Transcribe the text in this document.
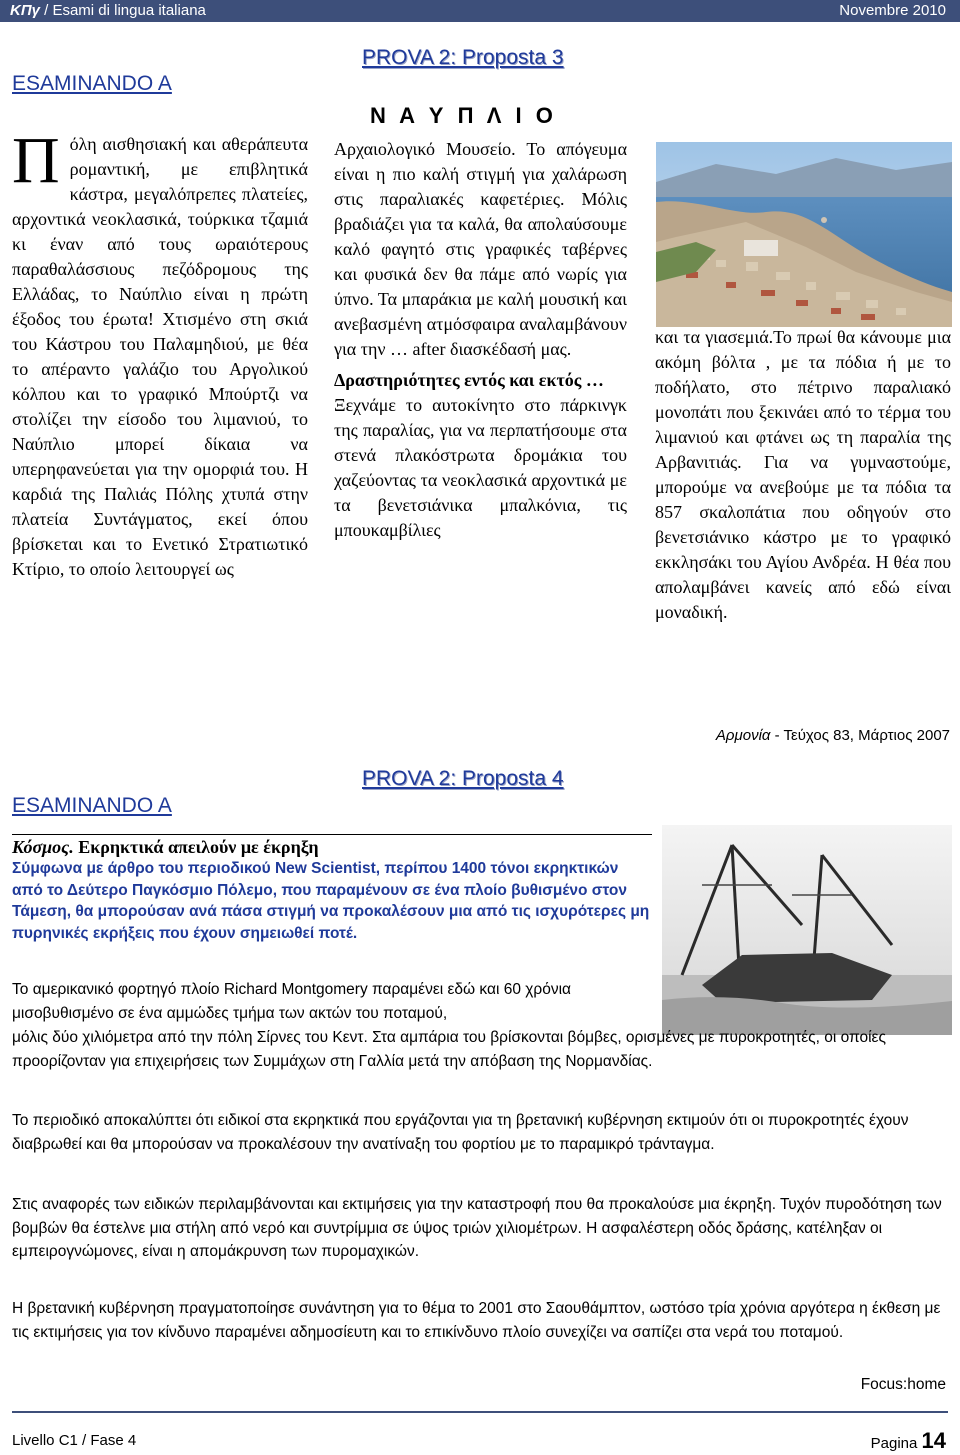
ΚΠγ / Esami di lingua italiana	Novembre 2010
ESAMINANDO A
PROVA 2: Proposta 3
Ν Α Υ Π Λ Ι Ο
Πόλη αισθησιακή και αθεράπευτα ρομαντική, με επιβλητικά κάστρα, μεγαλόπρεπες πλατείες, αρχοντικά νεοκλασικά, τούρκικα τζαμιά κι έναν από τους ωραιότερους παραθαλάσσιους πεζόδρομους της Ελλάδας, το Ναύπλιο είναι η πρώτη έξοδος του έρωτα! Χτισμένο στη σκιά του Κάστρου του Παλαμηδιού, με θέα το απέραντο γαλάζιο του Αργολικού κόλπου και το γραφικό Μπούρτζι να στολίζει την είσοδο του λιμανιού, το Ναύπλιο μπορεί δίκαια να υπερηφανεύεται για την ομορφιά του. Η καρδιά της Παλιάς Πόλης χτυπά στην πλατεία Συντάγματος, εκεί όπου βρίσκεται και το Ενετικό Στρατιωτικό Κτίριο, το οποίο λειτουργεί ως

Αρχαιολογικό Μουσείο. Το απόγευμα είναι η πιο καλή στιγμή για χαλάρωση στις παραλιακές καφετέριες. Μόλις βραδιάζει για τα καλά, θα απολαύσουμε καλό φαγητό στις γραφικές ταβέρνες και φυσικά δεν θα πάμε από νωρίς για ύπνο. Τα μπαράκια με καλή μουσική και ανεβασμένη ατμόσφαιρα αναλαμβάνουν για την … after διασκέδασή μας.

Δραστηριότητες εντός και εκτός …

Ξεχνάμε το αυτοκίνητο στο πάρκινγκ της παραλίας, για να περπατήσουμε στα στενά πλακόστρωτα δρομάκια του χαζεύοντας τα νεοκλασικά αρχοντικά με τα βενετσιάνικα μπαλκόνια, τις μπουκαμβίλιες

και τα γιασεμιά.Το πρωί θα κάνουμε μια ακόμη βόλτα , με τα πόδια ή με το ποδήλατο, στο πέτρινο παραλιακό μονοπάτι που ξεκινάει από το τέρμα του λιμανιού και φτάνει ως τη παραλία της Αρβανιτιάς. Για να γυμναστούμε, μπορούμε να ανεβούμε με τα πόδια τα 857 σκαλοπάτια που οδηγούν στο βενετσιάνικο κάστρο με το γραφικό εκκλησάκι του Αγίου Ανδρέα. Η θέα που απολαμβάνει κανείς από εδώ είναι μοναδική.

Αρμονία - Τεύχος 83, Μάρτιος 2007
PROVA 2: Proposta 4
ESAMINANDO A
Κόσμος. Εκρηκτικά απειλούν με έκρηξη
Σύμφωνα με άρθρο του περιοδικού New Scientist, περίπου 1400 τόνοι εκρηκτικών από το Δεύτερο Παγκόσμιο Πόλεμο, που παραμένουν σε ένα πλοίο βυθισμένο στον Τάμεση, θα μπορούσαν ανά πάσα στιγμή να προκαλέσουν μια από τις ισχυρότερες μη πυρηνικές εκρήξεις που έχουν σημειωθεί ποτέ.
Το αμερικανικό φορτηγό πλοίο Richard Montgomery παραμένει εδώ και 60 χρόνια μισοβυθισμένο σε ένα αμμώδες τμήμα των ακτών του ποταμού,
μόλις δύο χιλιόμετρα από την πόλη Σίρνες του Κεντ. Στα αμπάρια του βρίσκονται βόμβες, ορισμένες με πυροκροτητές, οι οποίες προορίζονταν για επιχειρήσεις των Συμμάχων στη Γαλλία μετά την απόβαση της Νορμανδίας.
Το περιοδικό αποκαλύπτει ότι ειδικοί στα εκρηκτικά που εργάζονται για τη βρετανική κυβέρνηση εκτιμούν ότι οι πυροκροτητές έχουν διαβρωθεί και θα μπορούσαν να προκαλέσουν την ανατίναξη του φορτίου με το παραμικρό τράνταγμα.
Στις αναφορές των ειδικών περιλαμβάνονται και εκτιμήσεις για την καταστροφή που θα προκαλούσε μια έκρηξη. Τυχόν πυροδότηση των βομβών θα έστελνε μια στήλη από νερό και συντρίμμια σε ύψος τριών χιλιομέτρων. Η ασφαλέστερη οδός δράσης, κατέληξαν οι εμπειρογνώμονες, είναι η απομάκρυνση των πυρομαχικών.
Η βρετανική κυβέρνηση πραγματοποίησε συνάντηση για το θέμα το 2001 στο Σαουθάμπτον, ωστόσο τρία χρόνια αργότερα η έκθεση με τις εκτιμήσεις για τον κίνδυνο παραμένει αδημοσίευτη και το επικίνδυνο πλοίο συνεχίζει να σαπίζει στα νερά του ποταμού.
Focus:home
Livello C1 / Fase 4	Pagina 14
